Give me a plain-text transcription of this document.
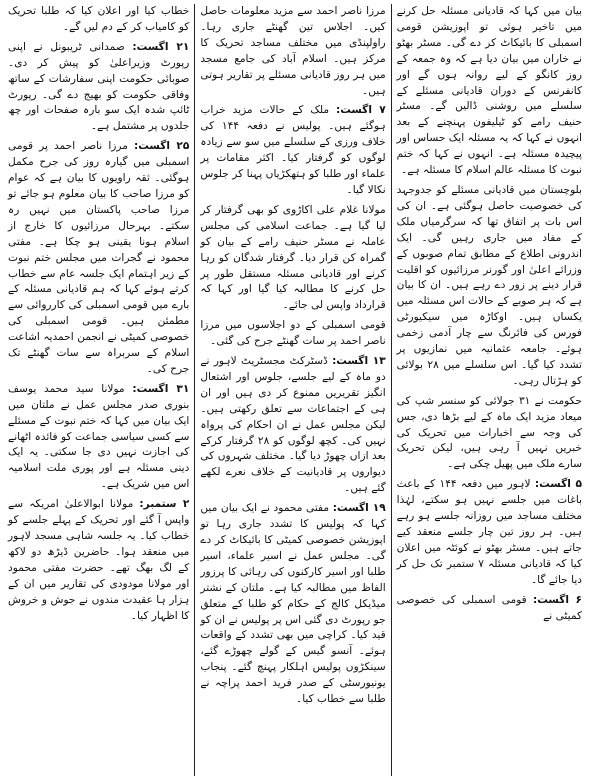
بیان میں کہا کہ قادیانی مسئلہ حل کرنے میں تاخیر ہوئی تو اپوزیشن قومی اسمبلی کا بائیکاٹ کر دے گی۔ مسٹر بھٹو نے خاران میں بیان دیا ہے کہ وہ جمعہ کے روز کانگو کے لیے روانہ ہوں گے اور کانفرنس کے دوران قادیانی مسئلے کے سلسلے میں روشنی ڈالیں گے۔ مسٹر حنیف رامے کو ٹیلیفون پہنچنے کے بعد انہوں نے کہا کہ یہ مسئلہ ایک حساس اور پیچیدہ مسئلہ ہے۔ انہوں نے کہا کہ ختم نبوت کا مسئلہ عالم اسلام کا مسئلہ ہے۔

بلوچستان میں قادیانی مسئلے کو جدوجہد کی خصوصیت حاصل ہوگئی ہے۔ ان کی اس بات پر اتفاق تھا کہ سرگرمیاں ملک کے مفاد میں جاری رہیں گی۔ ایک اندرونی اطلاع کے مطابق تمام صوبوں کے وزرائے اعلیٰ اور گورنر مرزائیوں کو اقلیت قرار دینے پر زور دے رہے ہیں۔ ان کا بیان ہے کہ ہر صوبے کے حالات اس مسئلہ میں یکساں ہیں۔ اوکاڑہ میں سیکیورٹی فورس کی فائرنگ سے چار آدمی زخمی ہوئے۔ جامعہ عثمانیہ میں نمازیوں پر تشدد کیا گیا۔ اس سلسلے میں ۲۸ بولائی کو ہڑتال رہی۔

حکومت نے ۳۱ جولائی کو سنسر شپ کی میعاد مزید ایک ماہ کے لیے بڑھا دی، جس کی وجہ سے اخبارات میں تحریک کی خبریں نہیں آ رہی ہیں، لیکن تحریک سارے ملک میں پھیل چکی ہے۔

۵ اگست: لاہور میں دفعہ ۱۴۴ کے باعث باغات میں جلسے نہیں ہو سکتے، لہٰذا مختلف مساجد میں روزانہ جلسے ہو رہے ہیں۔ ہر روز تین چار جلسے منعقد کیے جاتے ہیں۔ مسٹر بھٹو نے کوئٹہ میں اعلان کیا کہ قادیانی مسئلہ ۷ ستمبر تک حل کر دیا جائے گا۔

۶ اگست: قومی اسمبلی کی خصوصی کمیٹی نے

مرزا ناصر احمد سے مزید معلومات حاصل کیں۔ اجلاس تین گھنٹے جاری رہا۔ راولپنڈی میں مختلف مساجد تحریک کا مرکز ہیں۔ اسلام آباد کی جامع مسجد میں ہر روز قادیانی مسئلے پر تقاریر ہوتی ہیں۔

۷ اگست: ملک کے حالات مزید خراب ہوگئے ہیں۔ پولیس نے دفعہ ۱۴۴ کی خلاف ورزی کے سلسلے میں سو سے زیادہ لوگوں کو گرفتار کیا۔ اکثر مقامات پر علماء اور طلبا کو ہتھکڑیاں پہنا کر جلوس نکالا گیا۔

مولانا غلام علی اکاڑوی کو بھی گرفتار کر لیا گیا ہے۔ جماعت اسلامی کی مجلس عاملہ نے مسٹر حنیف رامے کے بیان کو گمراہ کن قرار دیا۔ گرفتار شدگان کو رہا کرنے اور قادیانی مسئلہ مستقل طور پر حل کرنے کا مطالبہ کیا گیا اور کہا کہ قرارداد واپس لی جائے۔

قومی اسمبلی کے دو اجلاسوں میں مرزا ناصر احمد پر سات گھنٹے جرح کی گئی۔

۱۳ اگست: ڈسٹرکٹ مجسٹریٹ لاہور نے دو ماہ کے لیے جلسے، جلوس اور اشتعال انگیز تقریریں ممنوع کر دی ہیں اور ان ہی کے اجتماعات سے تعلق رکھتی ہیں۔ لیکن مجلس عمل نے ان احکام کی پرواہ نہیں کی۔ کچھ لوگوں کو ۲۸ گرفتار کرکے بعد ازاں چھوڑ دیا گیا۔ مختلف شہروں کی دیواروں پر قادیانیت کے خلاف نعرے لکھے گئے ہیں۔

۱۹ اگست: مفتی محمود نے ایک بیان میں کہا کہ پولیس کا تشدد جاری رہا تو اپوزیشن خصوصی کمیٹی کا بائیکاٹ کر دے گی۔ مجلس عمل نے اسیر علماء، اسیر طلبا اور اسیر کارکنوں کی رہائی کا پرزور الفاظ میں مطالبہ کیا ہے۔ ملتان کے نشتر میڈیکل کالج کے حکام کو طلبا کے متعلق جو رپورٹ دی گئی اس پر پولیس نے ان کو قید کیا۔ کراچی میں بھی تشدد کے واقعات ہوئے۔ آنسو گیس کے گولے چھوڑے گئے، سینکڑوں پولیس اہلکار پہنچ گئے۔ پنجاب یونیورسٹی کے صدر فرید احمد پراچہ نے طلبا سے خطاب کیا۔

خطاب کیا اور اعلان کیا کہ طلبا تحریک کو کامیاب کر کے دم لیں گے۔

۲۱ اگست: صمدانی ٹریبونل نے اپنی رپورٹ وزیراعلیٰ کو پیش کر دی۔ صوبائی حکومت اپنی سفارشات کے ساتھ وفاقی حکومت کو بھیج دے گی۔ رپورٹ ٹائپ شدہ ایک سو بارہ صفحات اور چھ جلدوں پر مشتمل ہے۔

۲۵ اگست: مرزا ناصر احمد پر قومی اسمبلی میں گیارہ روز کی جرح مکمل ہوگئی۔ ثقہ راویوں کا بیان ہے کہ عوام کو مرزا صاحب کا بیان معلوم ہو جائے تو مرزا صاحب پاکستان میں نہیں رہ سکتے۔ بہرحال مرزائیوں کا خارج از اسلام ہونا یقینی ہو چکا ہے۔ مفتی محمود نے گجرات میں مجلس ختم نبوت کے زیر اہتمام ایک جلسہ عام سے خطاب کرتے ہوئے کہا کہ ہم قادیانی مسئلہ کے بارے میں قومی اسمبلی کی کارروائی سے مطمئن ہیں۔ قومی اسمبلی کی خصوصی کمیٹی نے انجمن احمدیہ اشاعت اسلام کے سربراہ سے سات گھنٹے تک جرح کی۔

۳۱ اگست: مولانا سید محمد یوسف بنوری صدر مجلس عمل نے ملتان میں ایک بیان میں کہا کہ ختم نبوت کے مسئلے سے کسی سیاسی جماعت کو فائدہ اٹھانے کی اجازت نہیں دی جا سکتی۔ یہ ایک دینی مسئلہ ہے اور پوری ملت اسلامیہ اس میں شریک ہے۔

۲ ستمبر: مولانا ابوالاعلیٰ امریکہ سے واپس آ گئے اور تحریک کے پہلے جلسے کو خطاب کیا۔ یہ جلسہ شاہی مسجد لاہور میں منعقد ہوا۔ حاضرین ڈیڑھ دو لاکھ کے لگ بھگ تھے۔ حضرت مفتی محمود اور مولانا مودودی کی تقاریر میں ان کے ہزار ہا عقیدت مندوں نے جوش و خروش کا اظہار کیا۔
